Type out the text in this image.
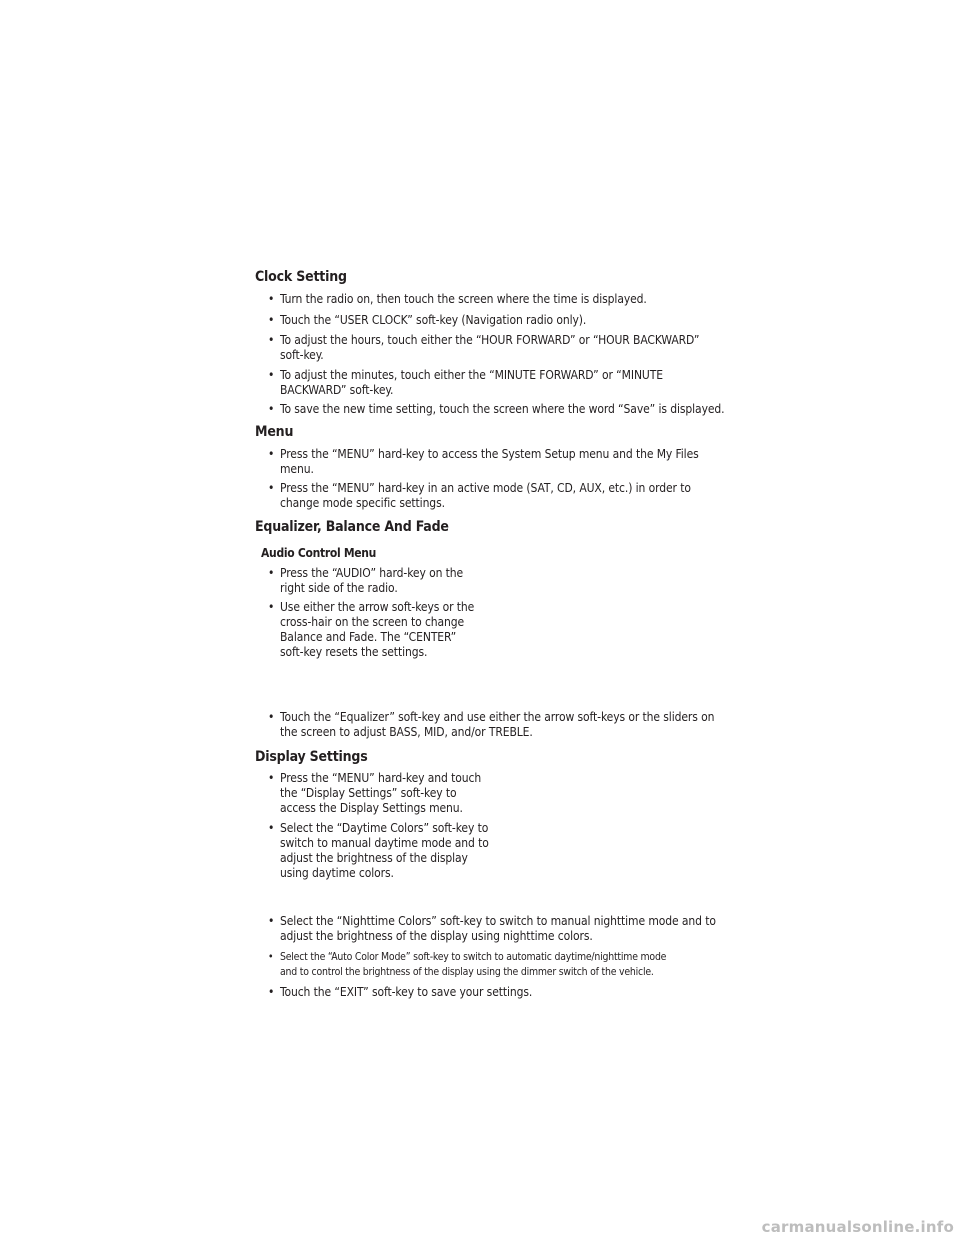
Clock Setting

• Turn the radio on, then touch the screen where the time is displayed.

• Touch the “USER CLOCK” soft-key (Navigation radio only).

• To adjust the hours, touch either the “HOUR FORWARD” or “HOUR BACKWARD”
soft-key.

• To adjust the minutes, touch either the “MINUTE FORWARD” or “MINUTE
BACKWARD” soft-key.

• To save the new time setting, touch the screen where the word “Save” is displayed.

Menu

• Press the “MENU” hard-key to access the System Setup menu and the My Files
menu.

• Press the “MENU” hard-key in an active mode (SAT, CD, AUX, etc.) in order to
change mode specific settings.

Equalizer, Balance And Fade
Audio Control Menu

• Press the “AUDIO” hard-key on the
right side of the radio.

• Use either the arrow soft-keys or the
cross-hair on the screen to change
Balance and Fade. The “CENTER”
soft-key resets the settings.

• Touch the “Equalizer” soft-key and use either the arrow soft-keys or the sliders on
the screen to adjust BASS, MID, and/or TREBLE.

Display Settings

• Press the “MENU” hard-key and touch
the “Display Settings” soft-key to
access the Display Settings menu.

• Select the “Daytime Colors” soft-key to
switch to manual daytime mode and to
adjust the brightness of the display
using daytime colors.

• Select the “Nighttime Colors” soft-key to switch to manual nighttime mode and to
adjust the brightness of the display using nighttime colors.

• Select the “Auto Color Mode” soft-key to switch to automatic daytime/nighttime mode
and to control the brightness of the display using the dimmer switch of the vehicle.

• Touch the “EXIT” soft-key to save your settings.

carmanualsonline.info
